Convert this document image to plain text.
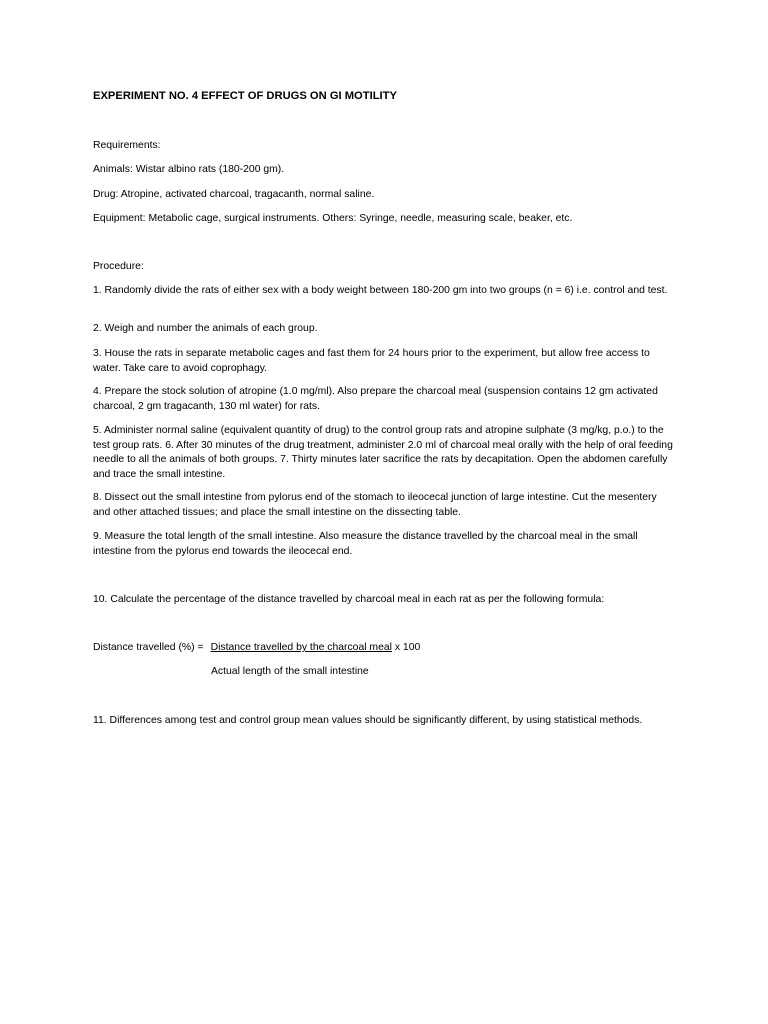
EXPERIMENT NO. 4 EFFECT OF DRUGS ON GI MOTILITY

Requirements:

Animals: Wistar albino rats (180-200 gm).

Drug: Atropine, activated charcoal, tragacanth, normal saline.

Equipment: Metabolic cage, surgical instruments. Others: Syringe, needle, measuring scale, beaker, etc.

Procedure:

1. Randomly divide the rats of either sex with a body weight between 180-200 gm into two groups (n = 6) i.e. control and test.

2. Weigh and number the animals of each group.

3. House the rats in separate metabolic cages and fast them for 24 hours prior to the experiment, but allow free access to water. Take care to avoid coprophagy.

4. Prepare the stock solution of atropine (1.0 mg/ml). Also prepare the charcoal meal (suspension contains 12 gm activated charcoal, 2 gm tragacanth, 130 ml water) for rats.

5. Administer normal saline (equivalent quantity of drug) to the control group rats and atropine sulphate (3 mg/kg, p.o.) to the test group rats. 6. After 30 minutes of the drug treatment, administer 2.0 ml of charcoal meal orally with the help of oral feeding needle to all the animals of both groups. 7. Thirty minutes later sacrifice the rats by decapitation. Open the abdomen carefully and trace the small intestine.

8. Dissect out the small intestine from pylorus end of the stomach to ileocecal junction of large intestine. Cut the mesentery and other attached tissues; and place the small intestine on the dissecting table.

9. Measure the total length of the small intestine. Also measure the distance travelled by the charcoal meal in the small intestine from the pylorus end towards the ileocecal end.

10. Calculate the percentage of the distance travelled by charcoal meal in each rat as per the following formula:

Distance travelled (%) = Distance travelled by the charcoal meal x 100
Actual length of the small intestine

11. Differences among test and control group mean values should be significantly different, by using statistical methods.
